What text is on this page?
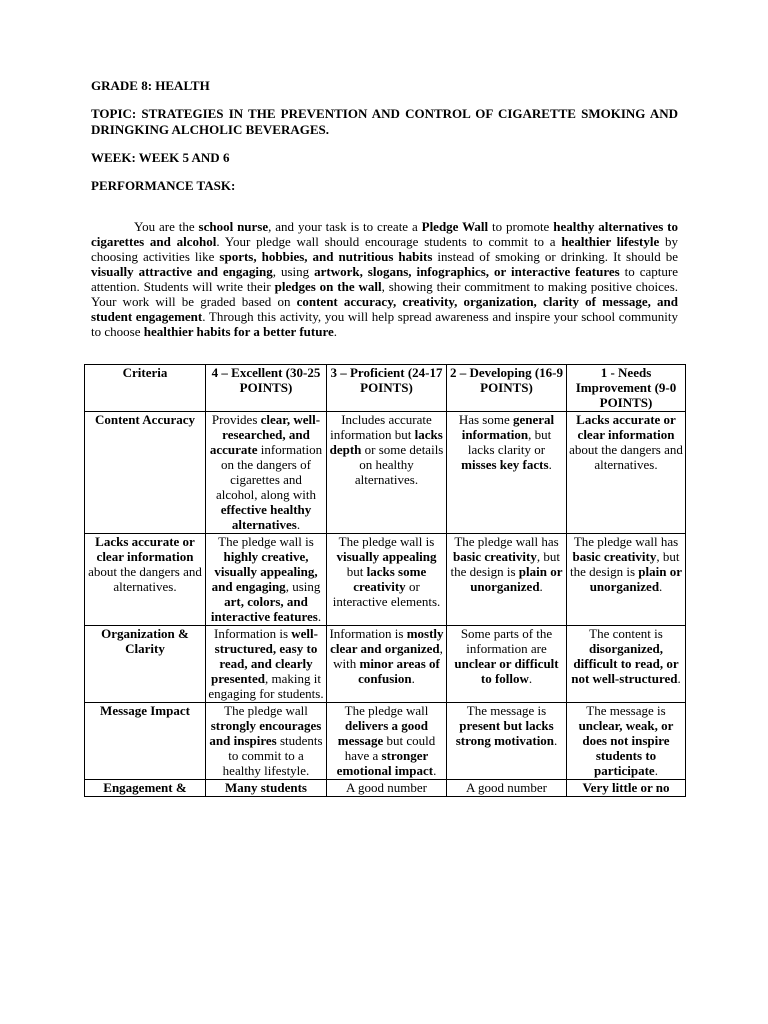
GRADE 8: HEALTH

TOPIC: STRATEGIES IN THE PREVENTION AND CONTROL OF CIGARETTE SMOKING AND DRINGKING ALCHOLIC BEVERAGES.

WEEK: WEEK 5 AND 6

PERFORMANCE TASK:

You are the school nurse, and your task is to create a Pledge Wall to promote healthy alternatives to cigarettes and alcohol. Your pledge wall should encourage students to commit to a healthier lifestyle by choosing activities like sports, hobbies, and nutritious habits instead of smoking or drinking. It should be visually attractive and engaging, using artwork, slogans, infographics, or interactive features to capture attention. Students will write their pledges on the wall, showing their commitment to making positive choices. Your work will be graded based on content accuracy, creativity, organization, clarity of message, and student engagement. Through this activity, you will help spread awareness and inspire your school community to choose healthier habits for a better future.

Criteria	4 – Excellent (30-25 POINTS)	3 – Proficient (24-17 POINTS)	2 – Developing (16-9 POINTS)	1 - Needs Improvement (9-0 POINTS)
Content Accuracy	Provides clear, well-researched, and accurate information on the dangers of cigarettes and alcohol, along with effective healthy alternatives.	Includes accurate information but lacks depth or some details on healthy alternatives.	Has some general information, but lacks clarity or misses key facts.	Lacks accurate or clear information about the dangers and alternatives.
Lacks accurate or clear information about the dangers and alternatives.	The pledge wall is highly creative, visually appealing, and engaging, using art, colors, and interactive features.	The pledge wall is visually appealing but lacks some creativity or interactive elements.	The pledge wall has basic creativity, but the design is plain or unorganized.	The pledge wall has basic creativity, but the design is plain or unorganized.
Organization & Clarity	Information is well-structured, easy to read, and clearly presented, making it engaging for students.	Information is mostly clear and organized, with minor areas of confusion.	Some parts of the information are unclear or difficult to follow.	The content is disorganized, difficult to read, or not well-structured.
Message Impact	The pledge wall strongly encourages and inspires students to commit to a healthy lifestyle.	The pledge wall delivers a good message but could have a stronger emotional impact.	The message is present but lacks strong motivation.	The message is unclear, weak, or does not inspire students to participate.
Engagement &	Many students	A good number	A good number	Very little or no
